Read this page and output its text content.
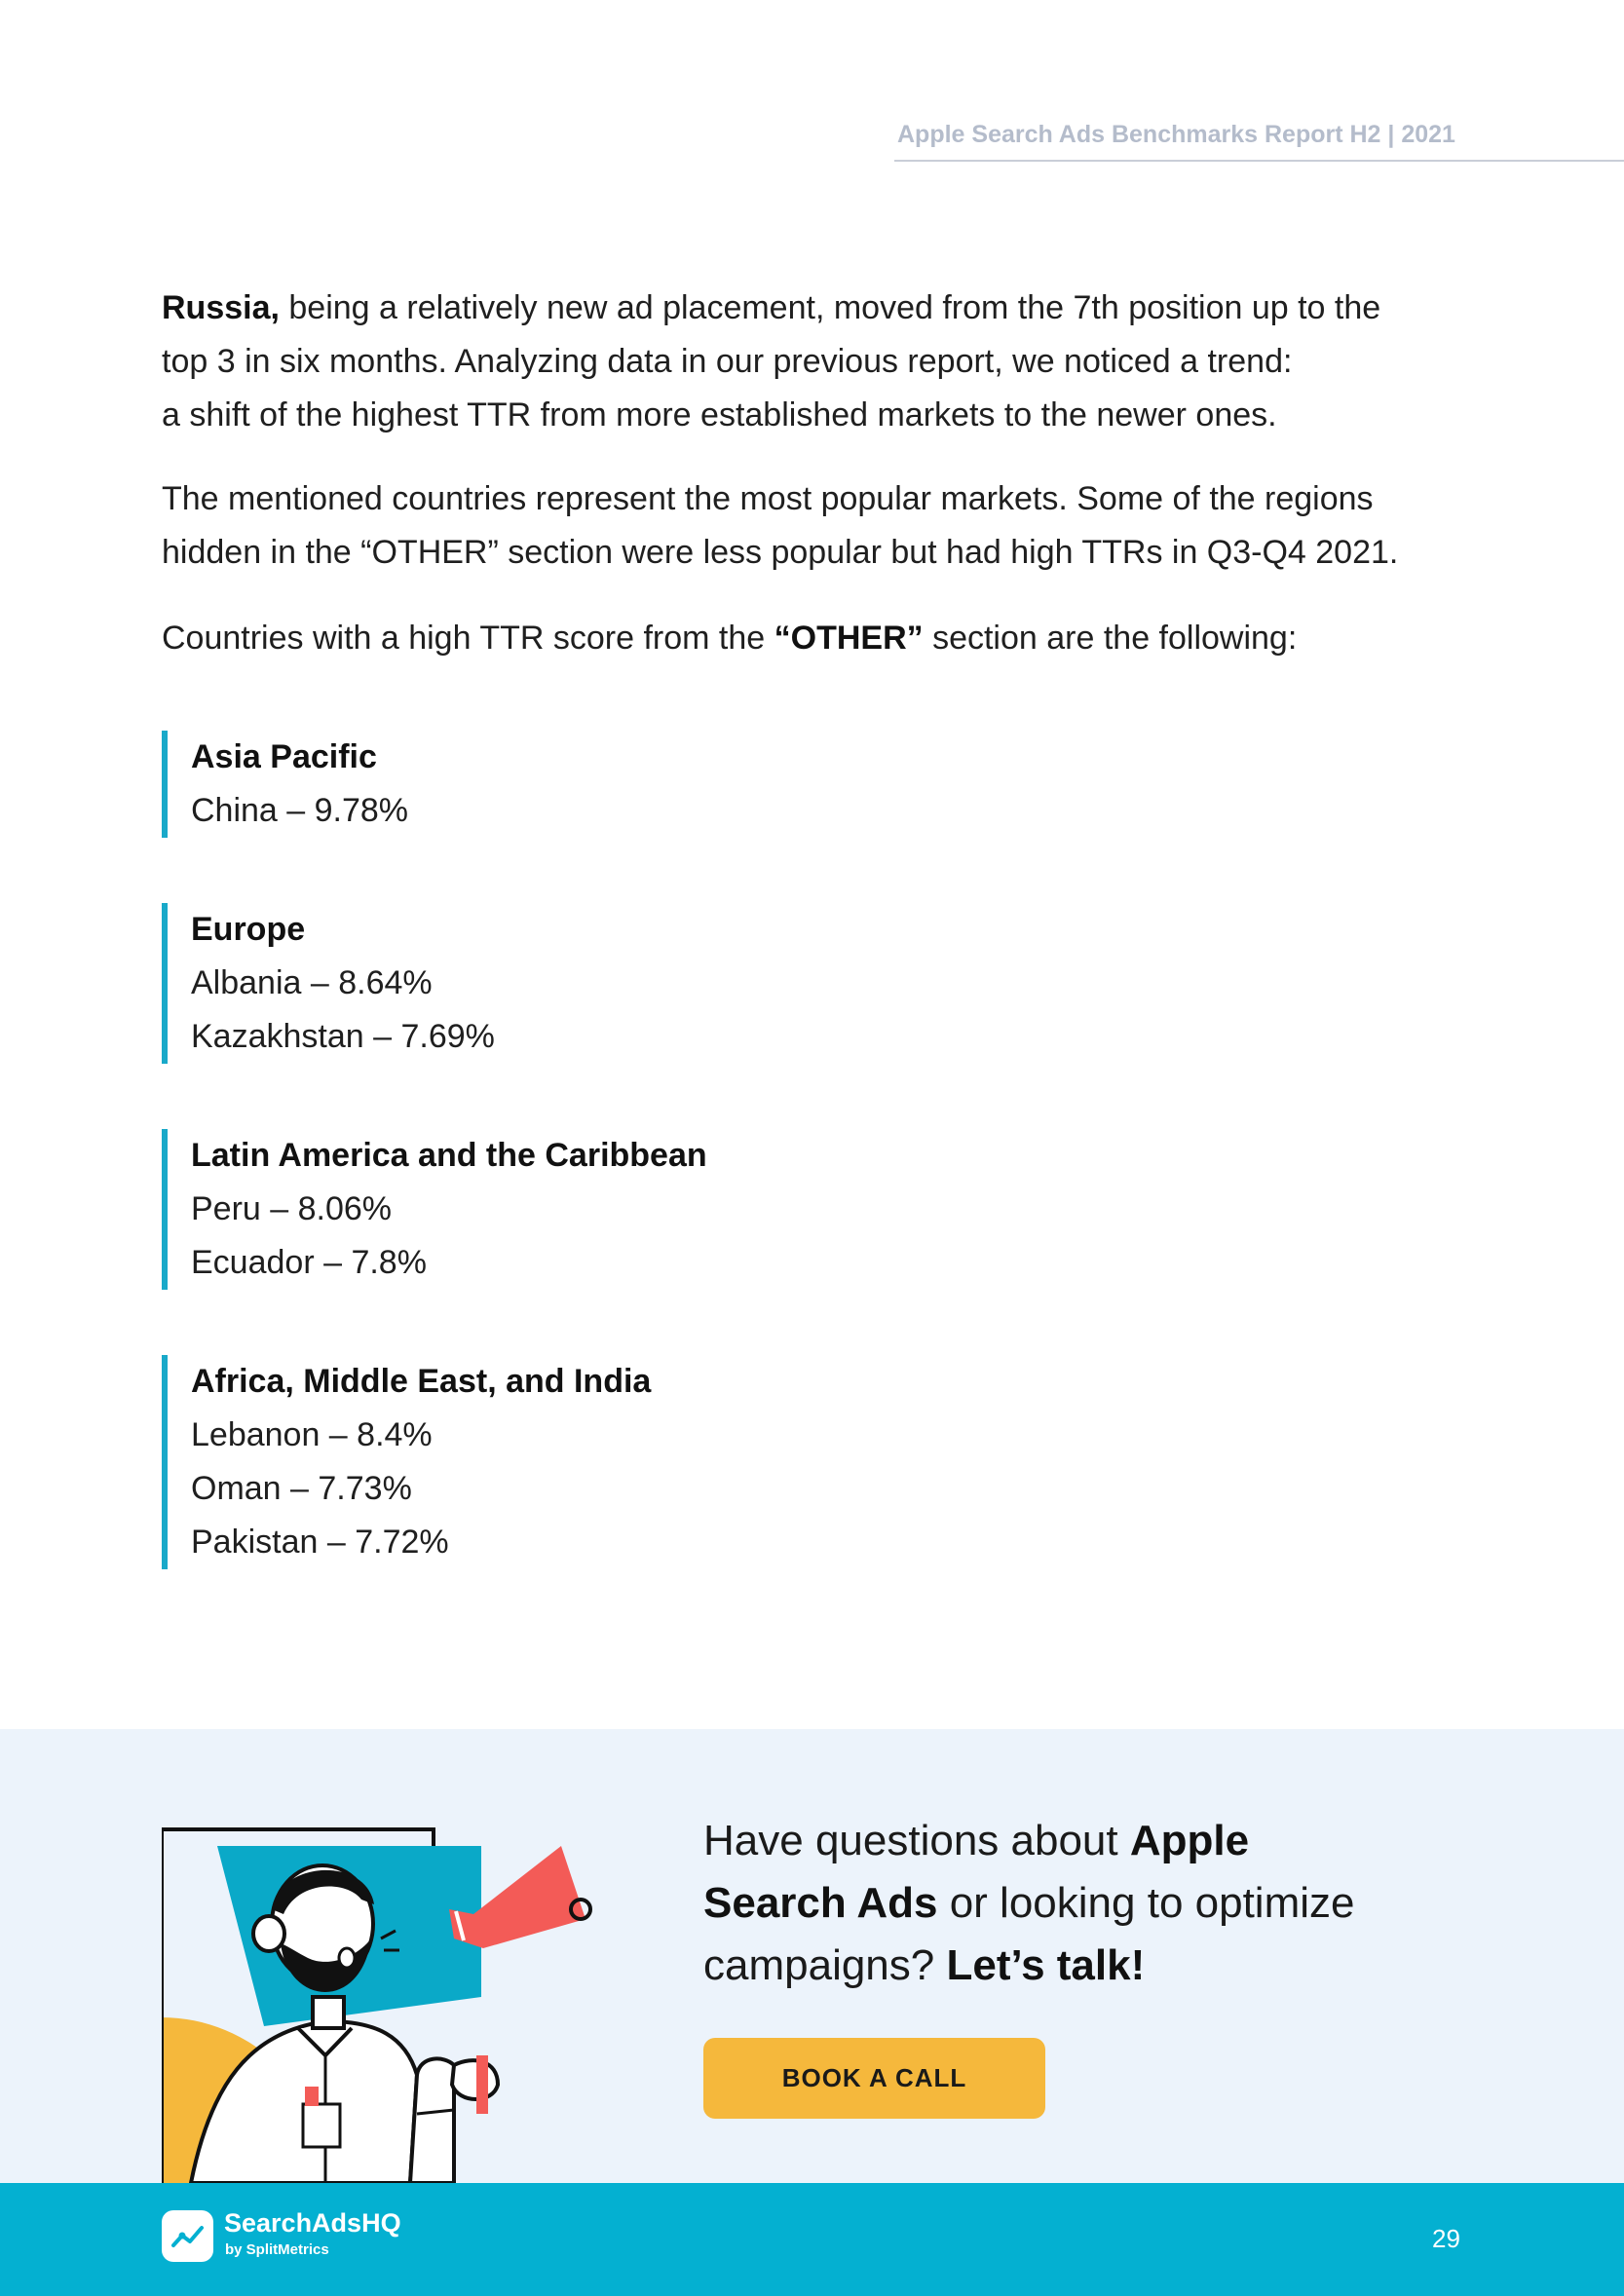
Apple Search Ads Benchmarks Report H2 | 2021

Russia, being a relatively new ad placement, moved from the 7th position up to the
top 3 in six months. Analyzing data in our previous report, we noticed a trend:
a shift of the highest TTR from more established markets to the newer ones.

The mentioned countries represent the most popular markets. Some of the regions
hidden in the “OTHER” section were less popular but had high TTRs in Q3-Q4 2021.

Countries with a high TTR score from the “OTHER” section are the following:

Asia Pacific
China – 9.78%
Europe
Albania – 8.64%
Kazakhstan – 7.69%
Latin America and the Caribbean
Peru – 8.06%
Ecuador – 7.8%
Africa, Middle East, and India
Lebanon – 8.4%
Oman – 7.73%
Pakistan – 7.72%
Have questions about Apple
Search Ads or looking to optimize
campaigns? Let’s talk!
BOOK A CALL
SearchAdsHQ
by SplitMetrics	29
